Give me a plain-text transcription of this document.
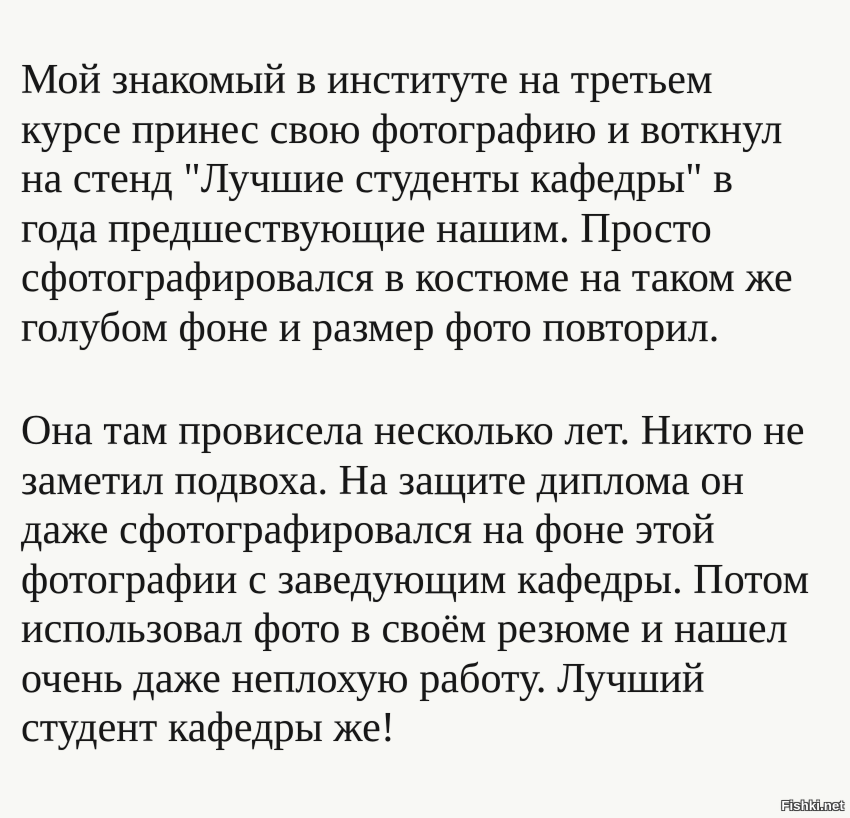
Мой знакомый в институте на третьем
курсе принес свою фотографию и воткнул
на стенд "Лучшие студенты кафедры" в
года предшествующие нашим. Просто
сфотографировался в костюме на таком же
голубом фоне и размер фото повторил.
Она там провисела несколько лет. Никто не
заметил подвоха. На защите диплома он
даже сфотографировался на фоне этой
фотографии с заведующим кафедры. Потом
использовал фото в своём резюме и нашел
очень даже неплохую работу. Лучший
студент кафедры же!
Fishki.net
